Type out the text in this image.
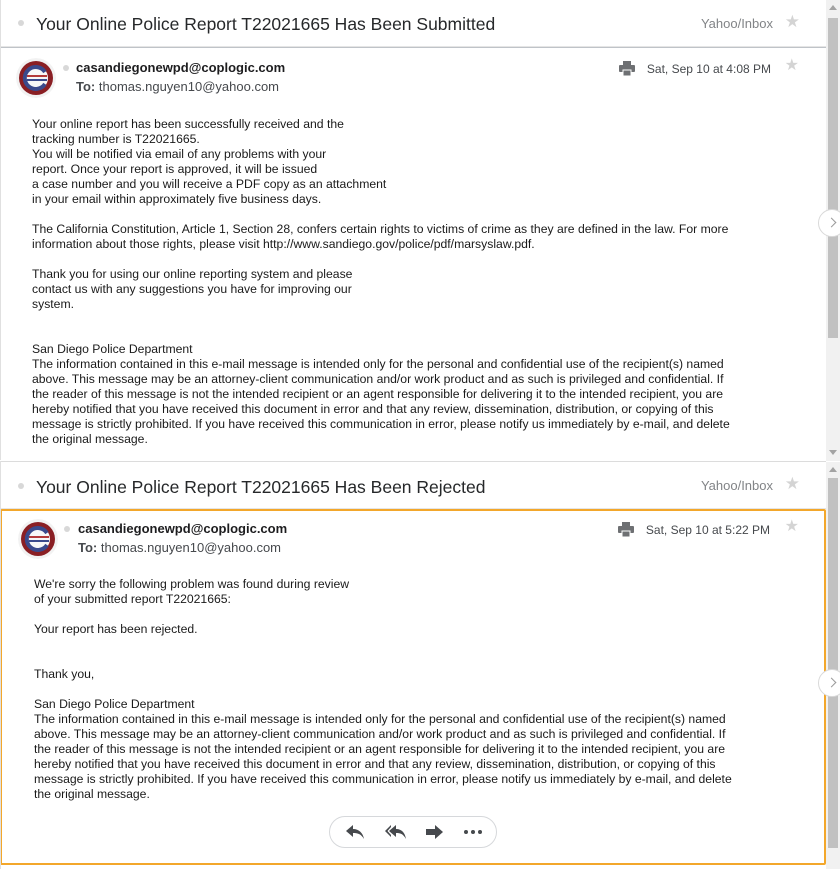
Your Online Police Report T22021665 Has Been Submitted	Yahoo/Inbox ★
casandiegonewpd@coplogic.com
To: thomas.nguyen10@yahoo.com
Sat, Sep 10 at 4:08 PM ★

Your online report has been successfully received and the

tracking number is T22021665.

You will be notified via email of any problems with your

report. Once your report is approved, it will be issued

a case number and you will receive a PDF copy as an attachment

in your email within approximately five business days.

The California Constitution, Article 1, Section 28, confers certain rights to victims of crime as they are defined in the law. For more

information about those rights, please visit http://www.sandiego.gov/police/pdf/marsyslaw.pdf.

Thank you for using our online reporting system and please

contact us with any suggestions you have for improving our

system.

San Diego Police Department

The information contained in this e-mail message is intended only for the personal and confidential use of the recipient(s) named

above. This message may be an attorney-client communication and/or work product and as such is privileged and confidential. If

the reader of this message is not the intended recipient or an agent responsible for delivering it to the intended recipient, you are

hereby notified that you have received this document in error and that any review, dissemination, distribution, or copying of this

message is strictly prohibited. If you have received this communication in error, please notify us immediately by e-mail, and delete

the original message.

Your Online Police Report T22021665 Has Been Rejected	Yahoo/Inbox ★
casandiegonewpd@coplogic.com
To: thomas.nguyen10@yahoo.com
Sat, Sep 10 at 5:22 PM ★

We're sorry the following problem was found during review

of your submitted report T22021665:

Your report has been rejected.

Thank you,

San Diego Police Department

The information contained in this e-mail message is intended only for the personal and confidential use of the recipient(s) named

above. This message may be an attorney-client communication and/or work product and as such is privileged and confidential. If

the reader of this message is not the intended recipient or an agent responsible for delivering it to the intended recipient, you are

hereby notified that you have received this document in error and that any review, dissemination, distribution, or copying of this

message is strictly prohibited. If you have received this communication in error, please notify us immediately by e-mail, and delete

the original message.
